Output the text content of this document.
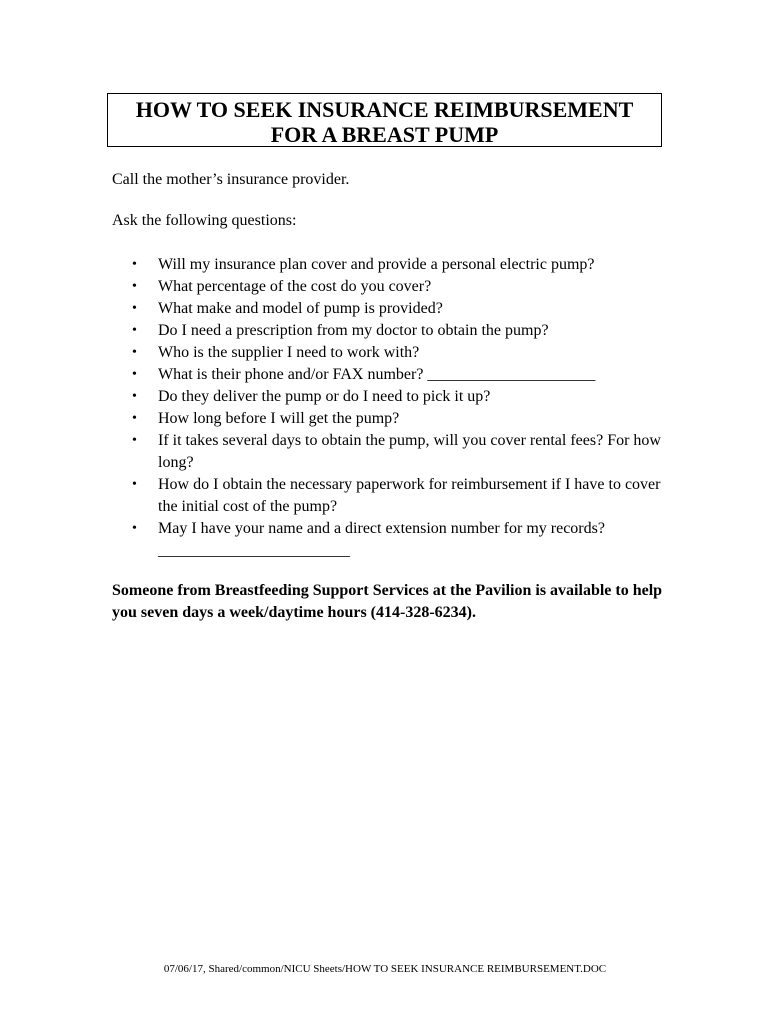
HOW TO SEEK INSURANCE REIMBURSEMENT
FOR A BREAST PUMP
Call the mother’s insurance provider.
Ask the following questions:
• Will my insurance plan cover and provide a personal electric pump?
• What percentage of the cost do you cover?
• What make and model of pump is provided?
• Do I need a prescription from my doctor to obtain the pump?
• Who is the supplier I need to work with?
• What is their phone and/or FAX number? _____________________
• Do they deliver the pump or do I need to pick it up?
• How long before I will get the pump?
• If it takes several days to obtain the pump, will you cover rental fees? For how long?
• How do I obtain the necessary paperwork for reimbursement if I have to cover the initial cost of the pump?
• May I have your name and a direct extension number for my records? ________________________
Someone from Breastfeeding Support Services at the Pavilion is available to help you seven days a week/daytime hours (414-328-6234).
07/06/17, Shared/common/NICU Sheets/HOW TO SEEK INSURANCE REIMBURSEMENT.DOC
